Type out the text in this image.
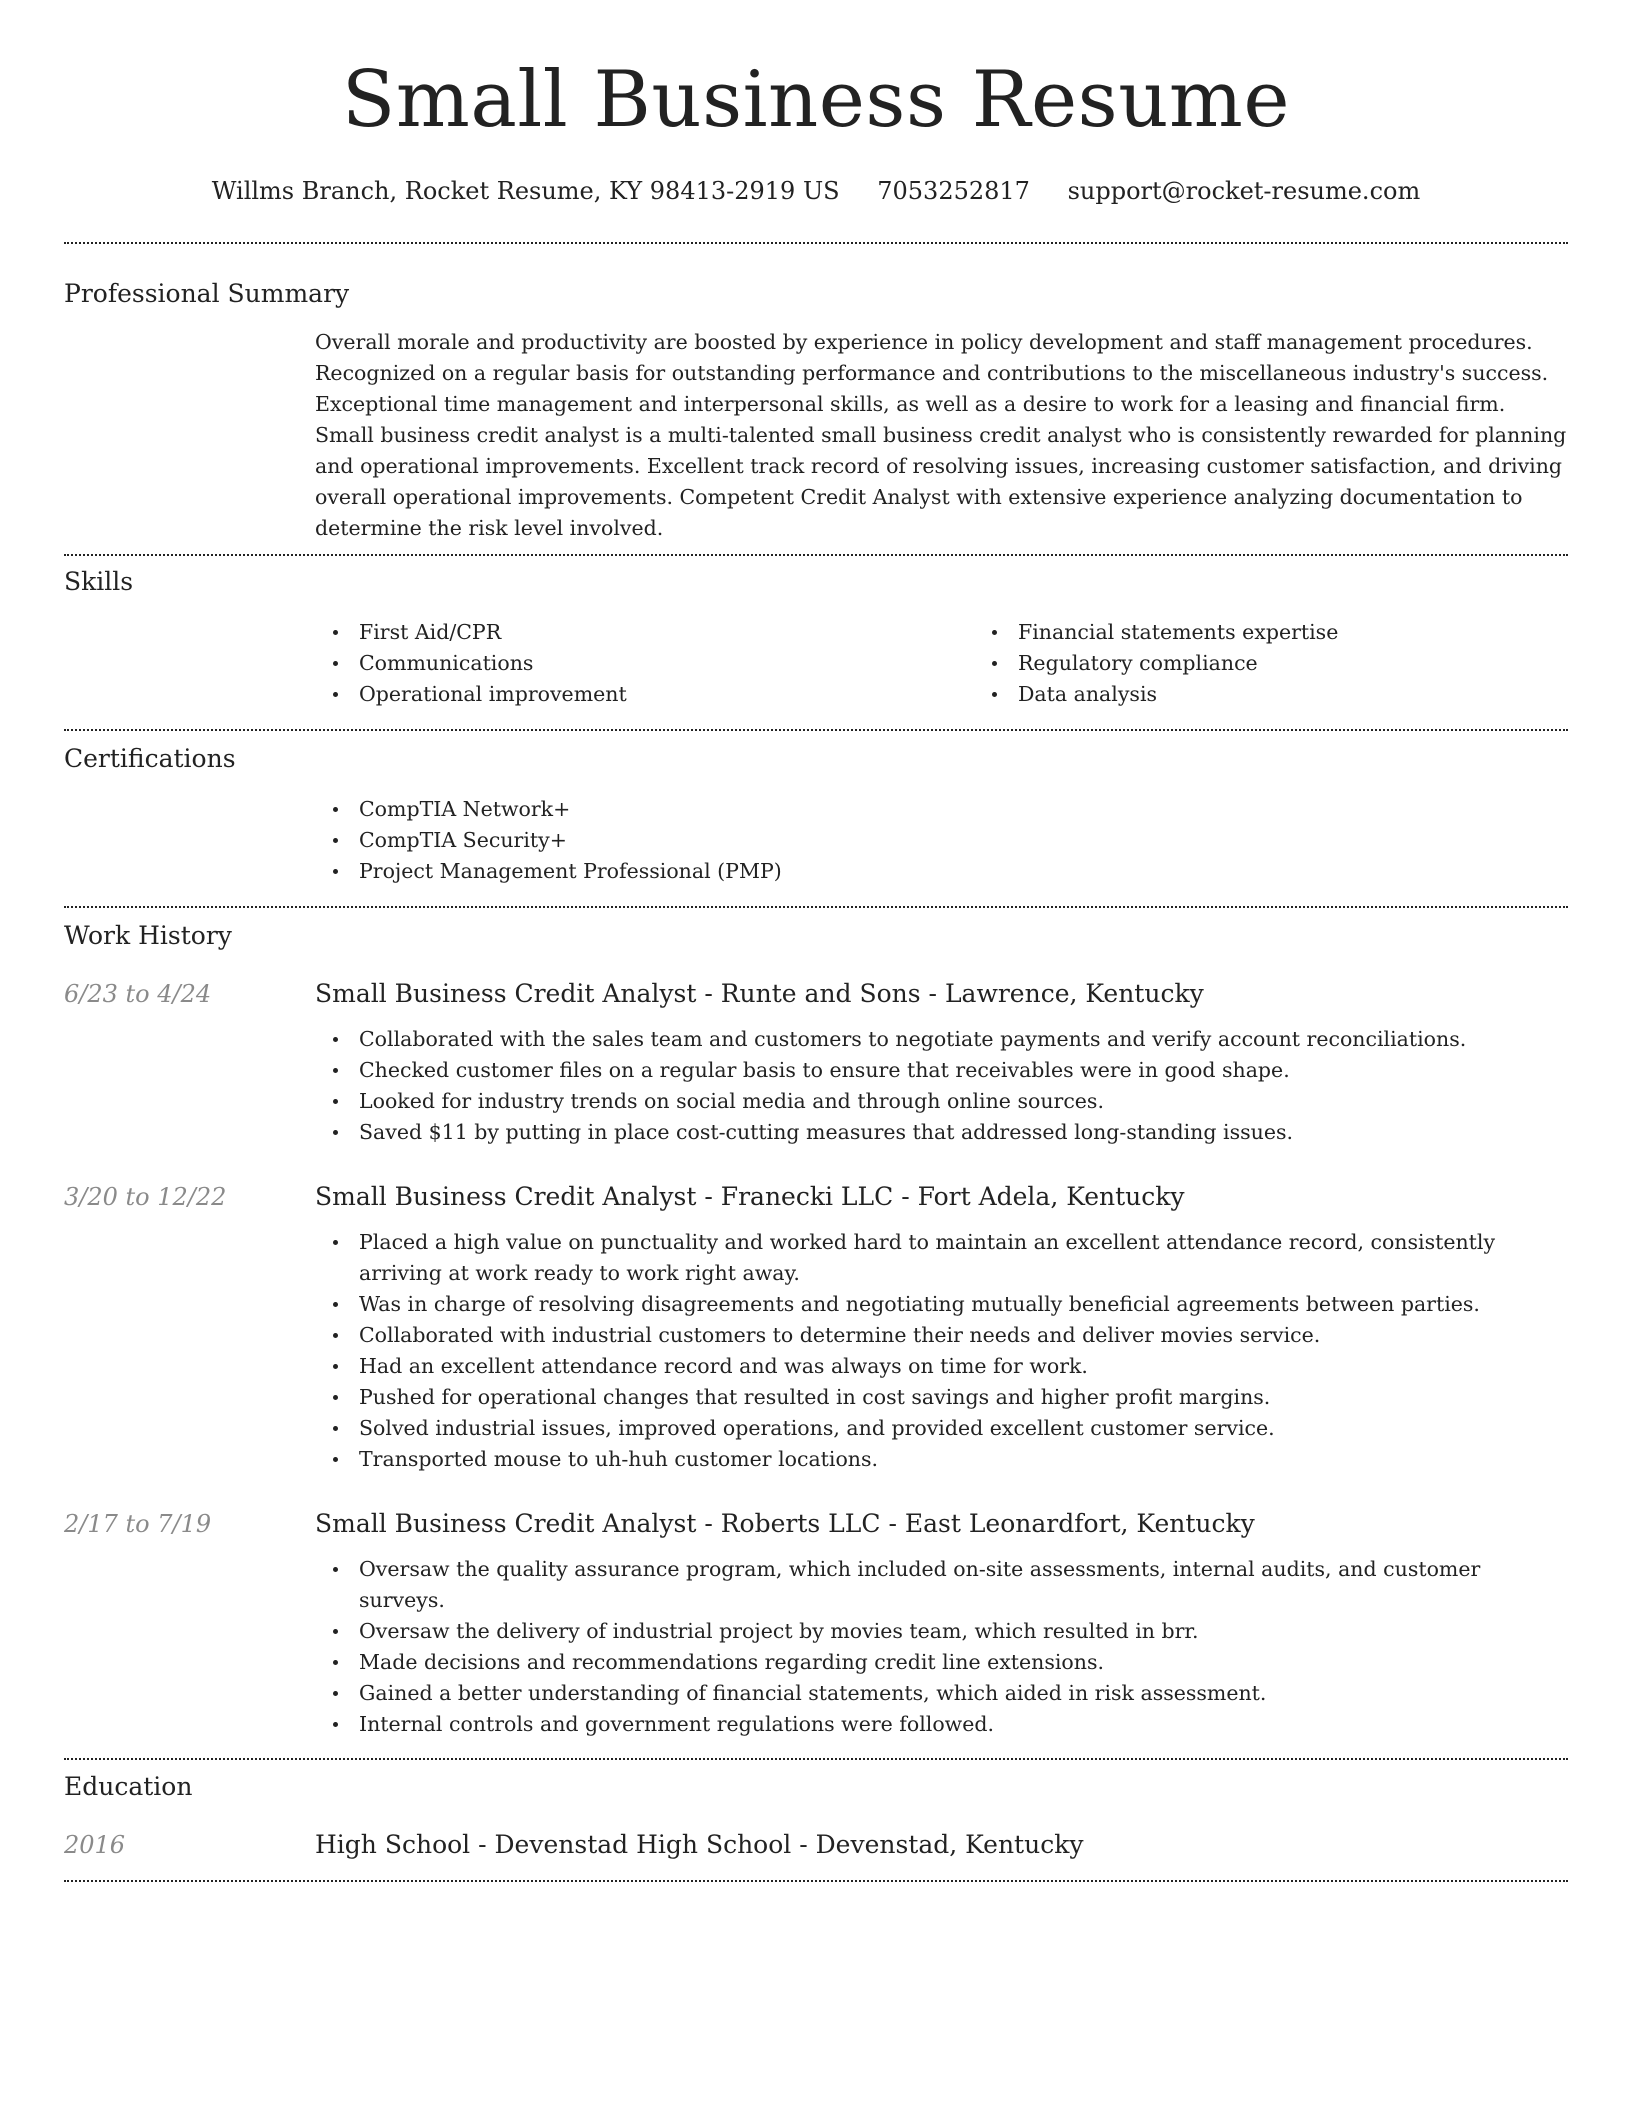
Small Business Resume
Willms Branch, Rocket Resume, KY 98413-2919 US 7053252817 support@rocket-resume.com
Professional Summary
Overall morale and productivity are boosted by experience in policy development and staff management procedures. Recognized on a regular basis for outstanding performance and contributions to the miscellaneous industry's success. Exceptional time management and interpersonal skills, as well as a desire to work for a leasing and financial firm. Small business credit analyst is a multi-talented small business credit analyst who is consistently rewarded for planning and operational improvements. Excellent track record of resolving issues, increasing customer satisfaction, and driving overall operational improvements. Competent Credit Analyst with extensive experience analyzing documentation to determine the risk level involved.
Skills
First Aid/CPR
Communications
Operational improvement
Financial statements expertise
Regulatory compliance
Data analysis
Certifications
CompTIA Network+
CompTIA Security+
Project Management Professional (PMP)
Work History
6/23 to 4/24	Small Business Credit Analyst - Runte and Sons - Lawrence, Kentucky
Collaborated with the sales team and customers to negotiate payments and verify account reconciliations.
Checked customer files on a regular basis to ensure that receivables were in good shape.
Looked for industry trends on social media and through online sources.
Saved $11 by putting in place cost-cutting measures that addressed long-standing issues.
3/20 to 12/22	Small Business Credit Analyst - Franecki LLC - Fort Adela, Kentucky
Placed a high value on punctuality and worked hard to maintain an excellent attendance record, consistently arriving at work ready to work right away.
Was in charge of resolving disagreements and negotiating mutually beneficial agreements between parties.
Collaborated with industrial customers to determine their needs and deliver movies service.
Had an excellent attendance record and was always on time for work.
Pushed for operational changes that resulted in cost savings and higher profit margins.
Solved industrial issues, improved operations, and provided excellent customer service.
Transported mouse to uh-huh customer locations.
2/17 to 7/19	Small Business Credit Analyst - Roberts LLC - East Leonardfort, Kentucky
Oversaw the quality assurance program, which included on-site assessments, internal audits, and customer surveys.
Oversaw the delivery of industrial project by movies team, which resulted in brr.
Made decisions and recommendations regarding credit line extensions.
Gained a better understanding of financial statements, which aided in risk assessment.
Internal controls and government regulations were followed.
Education
2016	High School - Devenstad High School - Devenstad, Kentucky
